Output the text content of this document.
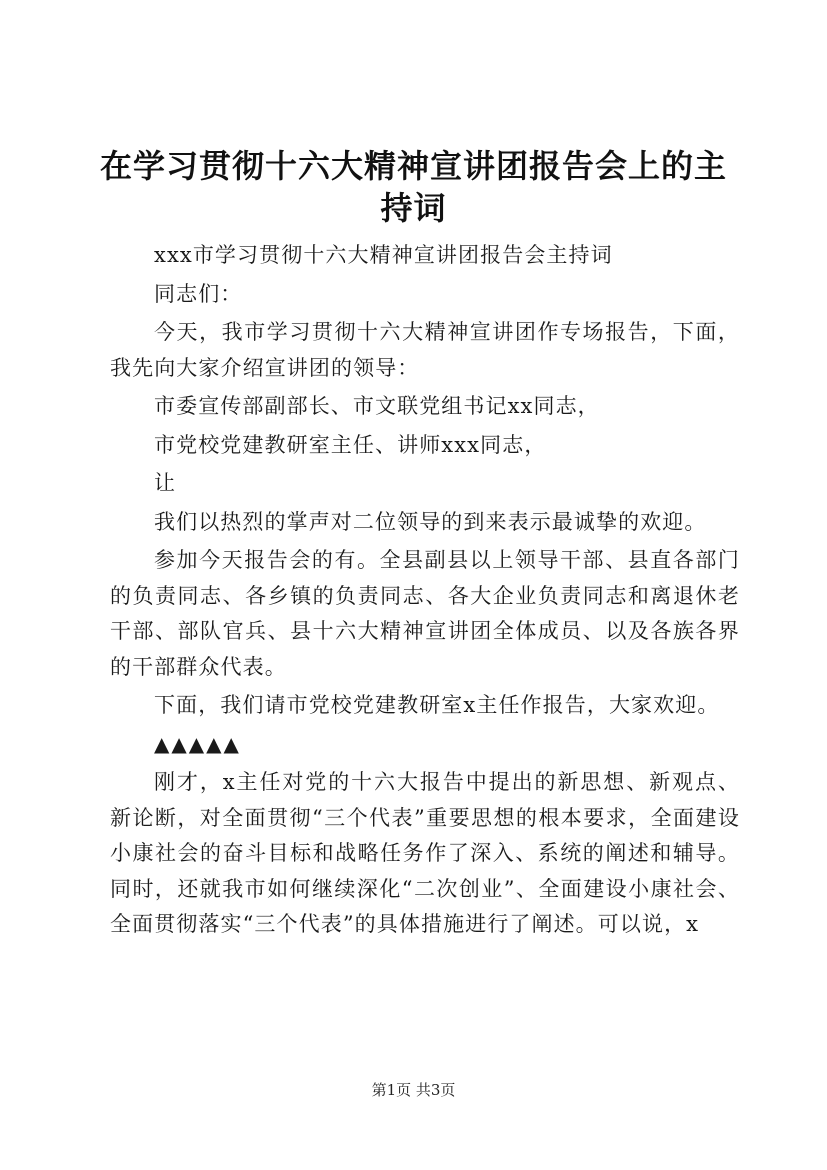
在学习贯彻十六大精神宣讲团报告会上的主持词

xxx市学习贯彻十六大精神宣讲团报告会主持词

同志们：

今天，我市学习贯彻十六大精神宣讲团作专场报告，下面，我先向大家介绍宣讲团的领导：

市委宣传部副部长、市文联党组书记xx同志，

市党校党建教研室主任、讲师xxx同志，

让

我们以热烈的掌声对二位领导的到来表示最诚挚的欢迎。

参加今天报告会的有。全县副县以上领导干部、县直各部门的负责同志、各乡镇的负责同志、各大企业负责同志和离退休老干部、部队官兵、县十六大精神宣讲团全体成员、以及各族各界的干部群众代表。

下面，我们请市党校党建教研室x主任作报告，大家欢迎。

▲▲▲▲▲

刚才，x主任对党的十六大报告中提出的新思想、新观点、新论断，对全面贯彻“三个代表”重要思想的根本要求，全面建设小康社会的奋斗目标和战略任务作了深入、系统的阐述和辅导。同时，还就我市如何继续深化“二次创业”、全面建设小康社会、全面贯彻落实“三个代表”的具体措施进行了阐述。可以说，x

第1页 共3页
